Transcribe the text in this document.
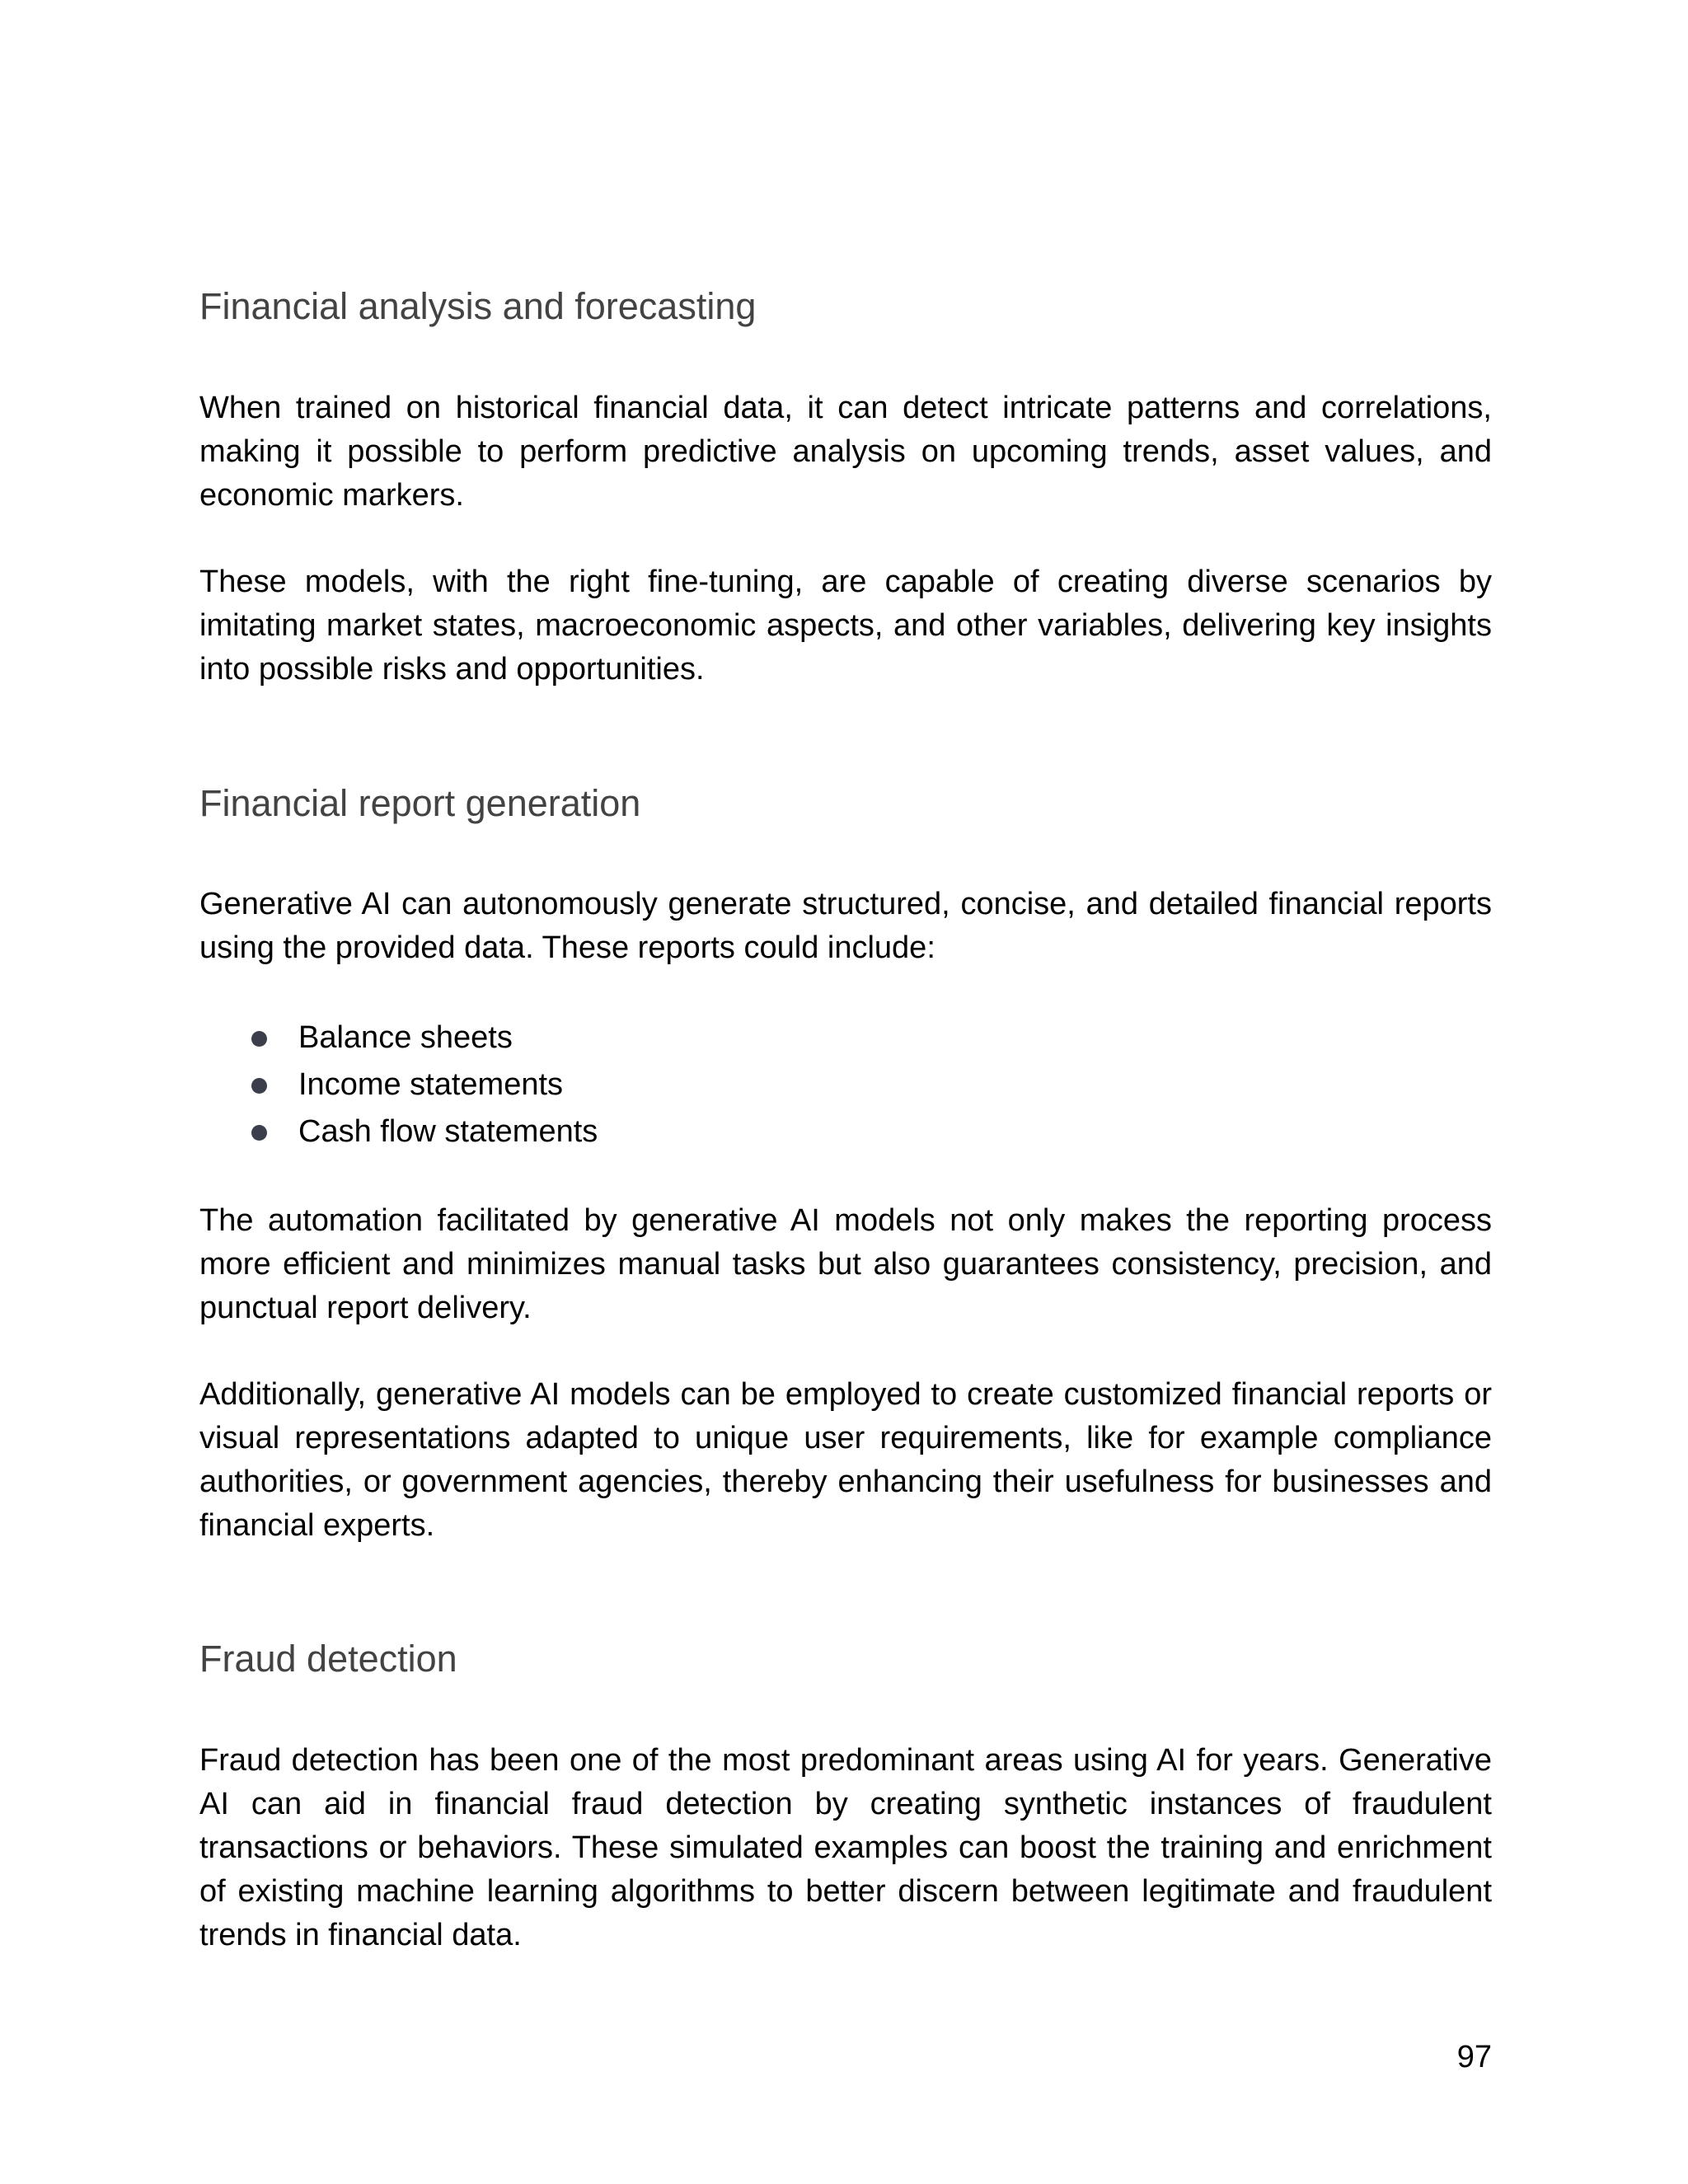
Financial analysis and forecasting

When trained on historical financial data, it can detect intricate patterns and correlations, making it possible to perform predictive analysis on upcoming trends, asset values, and economic markers.

These models, with the right fine-tuning, are capable of creating diverse scenarios by imitating market states, macroeconomic aspects, and other variables, delivering key insights into possible risks and opportunities.

Financial report generation

Generative AI can autonomously generate structured, concise, and detailed financial reports using the provided data. These reports could include:

Balance sheets
Income statements
Cash flow statements

The automation facilitated by generative AI models not only makes the reporting process more efficient and minimizes manual tasks but also guarantees consistency, precision, and punctual report delivery.

Additionally, generative AI models can be employed to create customized financial reports or visual representations adapted to unique user requirements, like for example compliance authorities, or government agencies, thereby enhancing their usefulness for businesses and financial experts.

Fraud detection

Fraud detection has been one of the most predominant areas using AI for years. Generative AI can aid in financial fraud detection by creating synthetic instances of fraudulent transactions or behaviors. These simulated examples can boost the training and enrichment of existing machine learning algorithms to better discern between legitimate and fraudulent trends in financial data.

97
